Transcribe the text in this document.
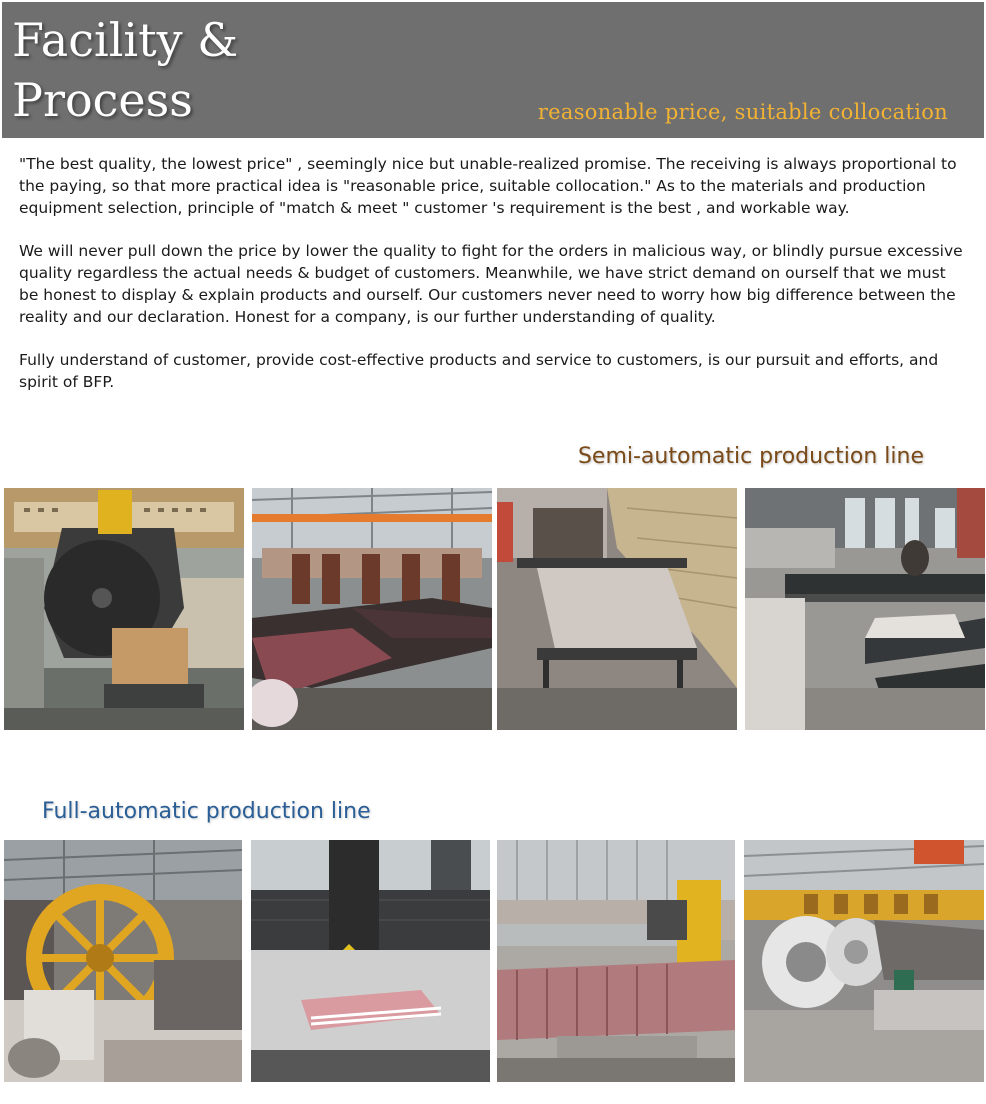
Facility &
Process	reasonable price, suitable collocation

"The best quality, the lowest price" , seemingly nice but unable-realized promise. The receiving is always proportional to the paying, so that more practical idea is "reasonable price, suitable collocation." As to the materials and production equipment selection, principle of "match & meet " customer 's requirement is the best , and workable way.

We will never pull down the price by lower the quality to fight for the orders in malicious way, or blindly pursue excessive quality regardless the actual needs & budget of customers. Meanwhile, we have strict demand on ourself that we must be honest to display & explain products and ourself. Our customers never need to worry how big difference between the reality and our declaration. Honest for a company, is our further understanding of quality.

Fully understand of customer, provide cost-effective products and service to customers, is our pursuit and efforts, and spirit of BFP.

Semi-automatic production line
Full-automatic production line
